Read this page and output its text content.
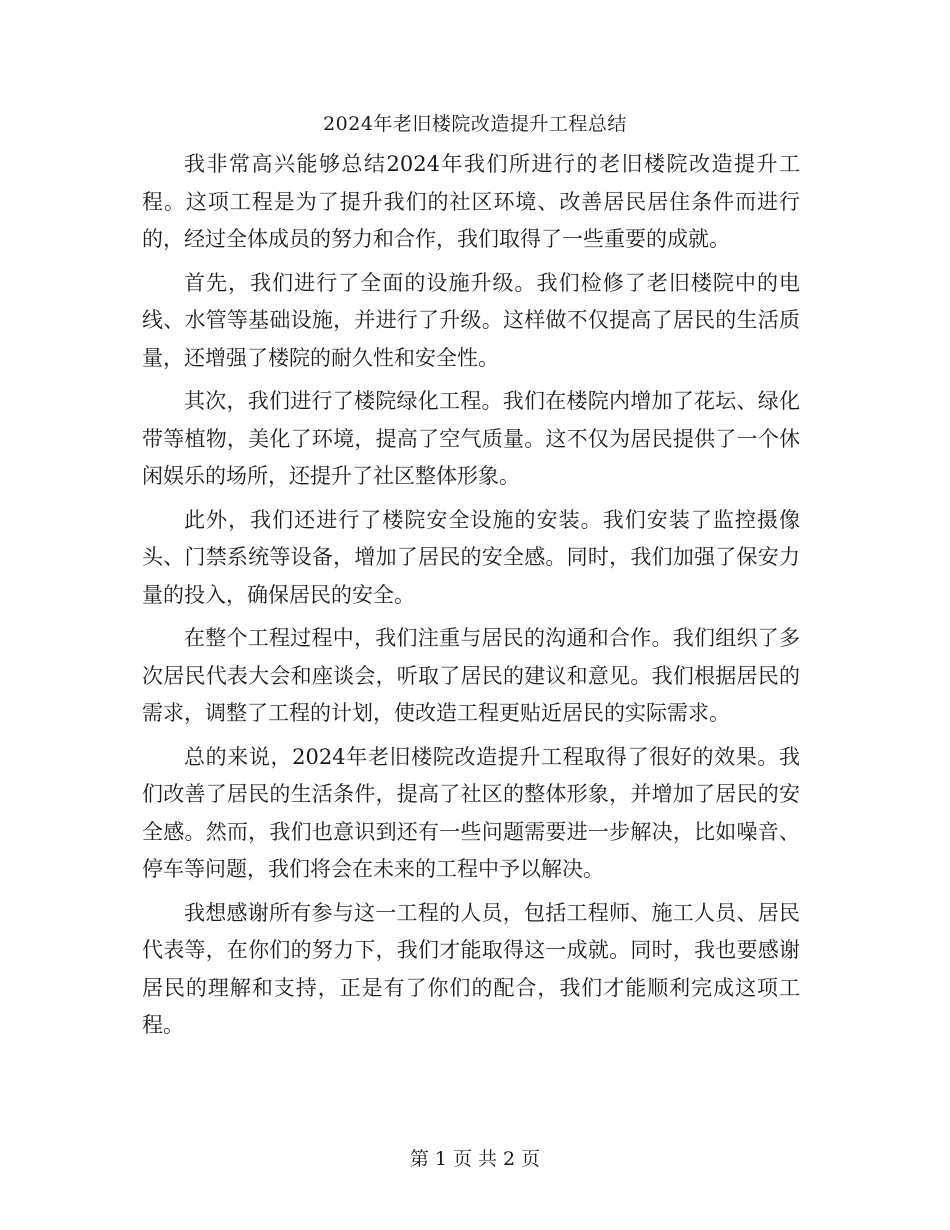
2024年老旧楼院改造提升工程总结

我非常高兴能够总结2024年我们所进行的老旧楼院改造提升工程。这项工程是为了提升我们的社区环境、改善居民居住条件而进行的，经过全体成员的努力和合作，我们取得了一些重要的成就。

首先，我们进行了全面的设施升级。我们检修了老旧楼院中的电线、水管等基础设施，并进行了升级。这样做不仅提高了居民的生活质量，还增强了楼院的耐久性和安全性。

其次，我们进行了楼院绿化工程。我们在楼院内增加了花坛、绿化带等植物，美化了环境，提高了空气质量。这不仅为居民提供了一个休闲娱乐的场所，还提升了社区整体形象。

此外，我们还进行了楼院安全设施的安装。我们安装了监控摄像头、门禁系统等设备，增加了居民的安全感。同时，我们加强了保安力量的投入，确保居民的安全。

在整个工程过程中，我们注重与居民的沟通和合作。我们组织了多次居民代表大会和座谈会，听取了居民的建议和意见。我们根据居民的需求，调整了工程的计划，使改造工程更贴近居民的实际需求。

总的来说，2024年老旧楼院改造提升工程取得了很好的效果。我们改善了居民的生活条件，提高了社区的整体形象，并增加了居民的安全感。然而，我们也意识到还有一些问题需要进一步解决，比如噪音、停车等问题，我们将会在未来的工程中予以解决。

我想感谢所有参与这一工程的人员，包括工程师、施工人员、居民代表等，在你们的努力下，我们才能取得这一成就。同时，我也要感谢居民的理解和支持，正是有了你们的配合，我们才能顺利完成这项工程。

第 1 页 共 2 页
